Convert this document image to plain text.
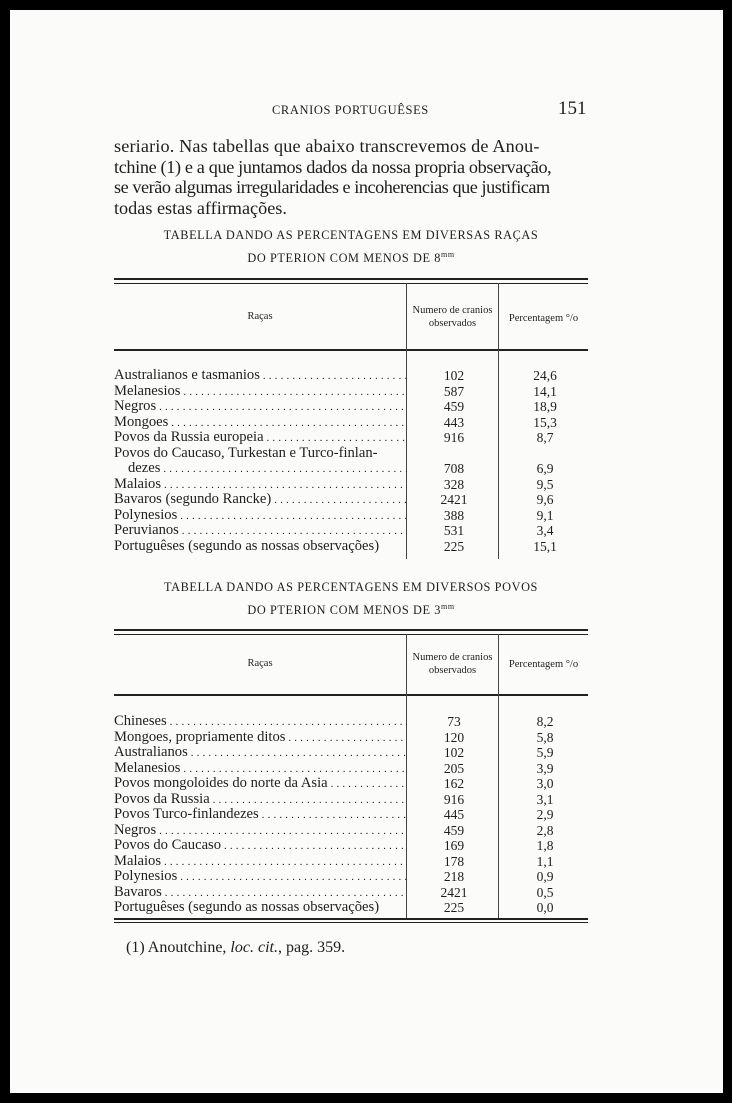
CRANIOS PORTUGUÊSES	151
seriario. Nas tabellas que abaixo transcrevemos de Anou-
tchine (1) e a que juntamos dados da nossa propria observação,
se verão algumas irregularidades e incoherencias que justificam
todas estas affirmações.
TABELLA DANDO AS PERCENTAGENS EM DIVERSAS RAÇAS
DO PTERION COM MENOS DE $8^{mm}$
Raças
Numero de cranios
observados	Percentagem °/o
Australianos e tasmanios . . .	102	24,6
Melanesios . . .	587	14,1
Negros . . .	459	18,9
Mongoes . . .	443	15,3
Povos da Russia europeia . . .	916	8,7
Povos do Caucaso, Turkestan e Turco-finlan-
dezes . . .	708	6,9
Malaios . . .	328	9,5
Bavaros (segundo Rancke) . . .	2421	9,6
Polynesios . . .	388	9,1
Peruvianos . . .	531	3,4
Portuguêses (segundo as nossas observações)	225	15,1
TABELLA DANDO AS PERCENTAGENS EM DIVERSOS POVOS
DO PTERION COM MENOS DE $3^{mm}$
Raças
Numero de cranios
observados
Percentagem °/o
Chineses . . .	73	8,2
Mongoes, propriamente ditos . . .	120	5,8
Australianos . . .	102	5,9
Melanesios . . .	205	3,9
Povos mongoloides do norte da Asia . . .	162	3,0
Povos da Russia . . .	916	3,1
Povos Turco-finlandezes . . .	445	2,9
Negros . . .	459	2,8
Povos do Caucaso . . .	169	1,8
Malaios . . .	178	1,1
Polynesios . . .	218	0,9
Bavaros . . .	2421	0,5
Portuguêses (segundo as nossas observações)	225	0,0
(1) Anoutchine, loc. cit., pag. 359.
